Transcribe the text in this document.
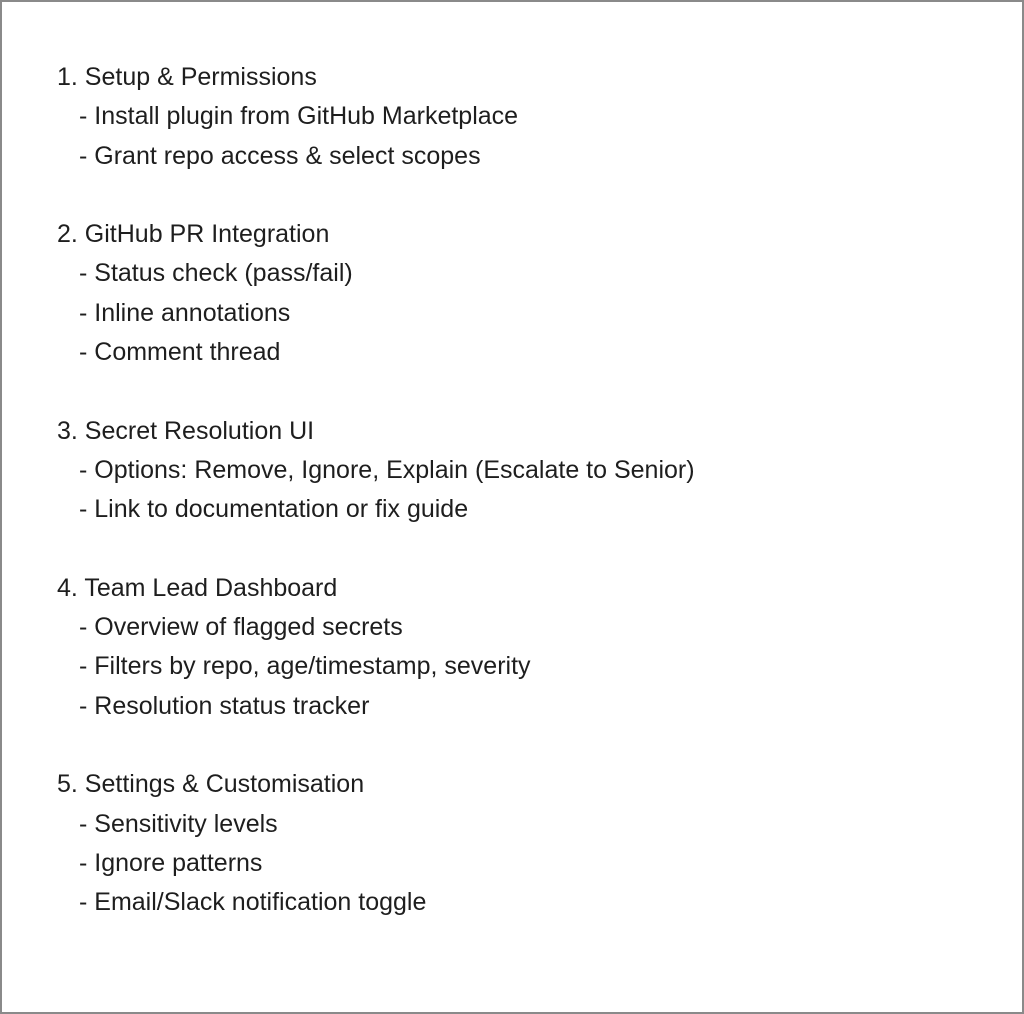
1. Setup & Permissions
- Install plugin from GitHub Marketplace
- Grant repo access & select scopes
2. GitHub PR Integration
- Status check (pass/fail)
- Inline annotations
- Comment thread
3. Secret Resolution UI
- Options: Remove, Ignore, Explain (Escalate to Senior)
- Link to documentation or fix guide
4. Team Lead Dashboard
- Overview of flagged secrets
- Filters by repo, age/timestamp, severity
- Resolution status tracker
5. Settings & Customisation
- Sensitivity levels
- Ignore patterns
- Email/Slack notification toggle
